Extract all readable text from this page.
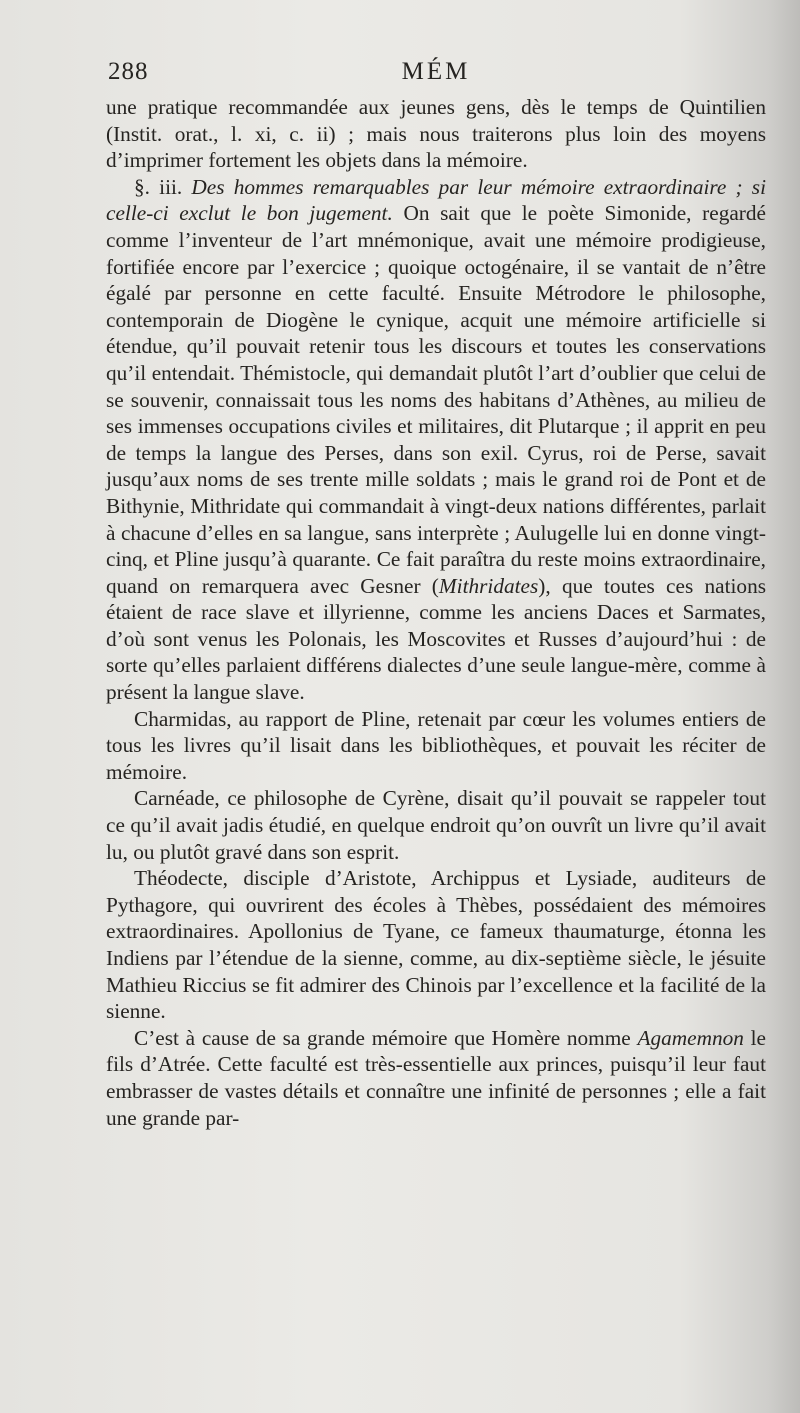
288	MÉM

une pratique recommandée aux jeunes gens, dès le temps de Quintilien (Instit. orat., l. xi, c. ii) ; mais nous traiterons plus loin des moyens d’imprimer fortement les objets dans la mémoire.

§. iii. Des hommes remarquables par leur mémoire extraordinaire ; si celle-ci exclut le bon jugement. On sait que le poète Simonide, regardé comme l’inventeur de l’art mnémonique, avait une mémoire prodigieuse, fortifiée encore par l’exercice ; quoique octogénaire, il se vantait de n’être égalé par personne en cette faculté. Ensuite Métrodore le philosophe, contemporain de Diogène le cynique, acquit une mémoire artificielle si étendue, qu’il pouvait retenir tous les discours et toutes les conservations qu’il entendait. Thémistocle, qui demandait plutôt l’art d’oublier que celui de se souvenir, connaissait tous les noms des habitans d’Athènes, au milieu de ses immenses occupations civiles et militaires, dit Plutarque ; il apprit en peu de temps la langue des Perses, dans son exil. Cyrus, roi de Perse, savait jusqu’aux noms de ses trente mille soldats ; mais le grand roi de Pont et de Bithynie, Mithridate qui commandait à vingt-deux nations différentes, parlait à chacune d’elles en sa langue, sans interprète ; Aulugelle lui en donne vingt-cinq, et Pline jusqu’à quarante. Ce fait paraîtra du reste moins extraordinaire, quand on remarquera avec Gesner (Mithridates), que toutes ces nations étaient de race slave et illyrienne, comme les anciens Daces et Sarmates, d’où sont venus les Polonais, les Moscovites et Russes d’aujourd’hui : de sorte qu’elles parlaient différens dialectes d’une seule langue-mère, comme à présent la langue slave.

Charmidas, au rapport de Pline, retenait par cœur les volumes entiers de tous les livres qu’il lisait dans les bibliothèques, et pouvait les réciter de mémoire.

Carnéade, ce philosophe de Cyrène, disait qu’il pouvait se rappeler tout ce qu’il avait jadis étudié, en quelque endroit qu’on ouvrît un livre qu’il avait lu, ou plutôt gravé dans son esprit.

Théodecte, disciple d’Aristote, Archippus et Lysiade, auditeurs de Pythagore, qui ouvrirent des écoles à Thèbes, possédaient des mémoires extraordinaires. Apollonius de Tyane, ce fameux thaumaturge, étonna les Indiens par l’étendue de la sienne, comme, au dix-septième siècle, le jésuite Mathieu Riccius se fit admirer des Chinois par l’excellence et la facilité de la sienne.

C’est à cause de sa grande mémoire que Homère nomme Agamemnon le fils d’Atrée. Cette faculté est très-essentielle aux princes, puisqu’il leur faut embrasser de vastes détails et connaître une infinité de personnes ; elle a fait une grande par-
